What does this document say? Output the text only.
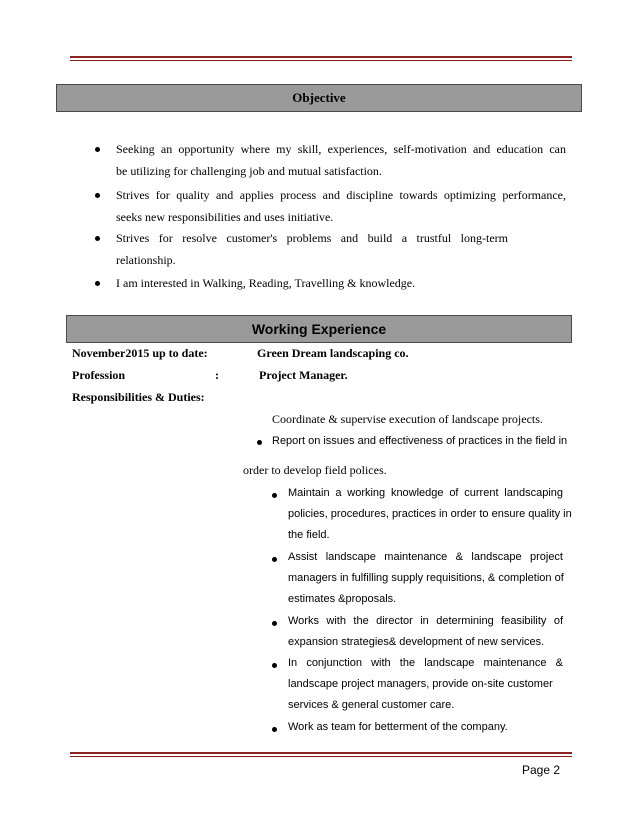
Objective
Seeking an opportunity where my skill, experiences, self-motivation and education can
be utilizing for challenging job and mutual satisfaction.
Strives for quality and applies process and discipline towards optimizing performance,
seeks new responsibilities and uses initiative.
Strives for resolve customer's problems and build a trustful long-term
relationship.
I am interested in Walking, Reading, Travelling & knowledge.
Working Experience
November2015 up to date:	Green Dream landscaping co.
Profession	:	Project Manager.
Responsibilities & Duties:
Coordinate & supervise execution of landscape projects.
Report on issues and effectiveness of practices in the field in
order to develop field polices.
Maintain a working knowledge of current landscaping
policies, procedures, practices in order to ensure quality in
the field.
Assist landscape maintenance & landscape project
managers in fulfilling supply requisitions, & completion of
estimates &proposals.
Works with the director in determining feasibility of
expansion strategies& development of new services.
In conjunction with the landscape maintenance &
landscape project managers, provide on-site customer
services & general customer care.
Work as team for betterment of the company.
Page 2
